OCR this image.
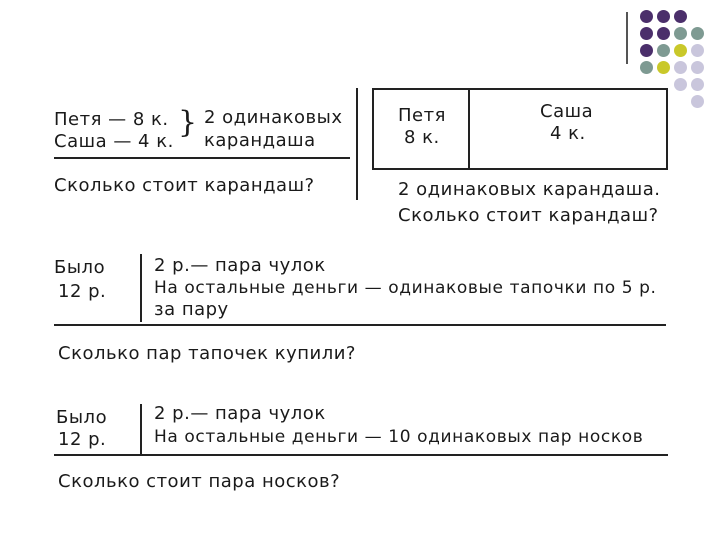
Петя — 8 к.
Саша — 4 к.
} 2 одинаковых
карандаша
Сколько стоит карандаш?
Петя
8 к.
Саша
4 к.
2 одинаковых карандаша.
Сколько стоит карандаш?
Было
12 р.
2 р.— пара чулок
На остальные деньги — одинаковые тапочки по 5 р.
за пару
Сколько пар тапочек купили?
Было
12 р.
2 р.— пара чулок
На остальные деньги — 10 одинаковых пар носков
Сколько стоит пара носков?
